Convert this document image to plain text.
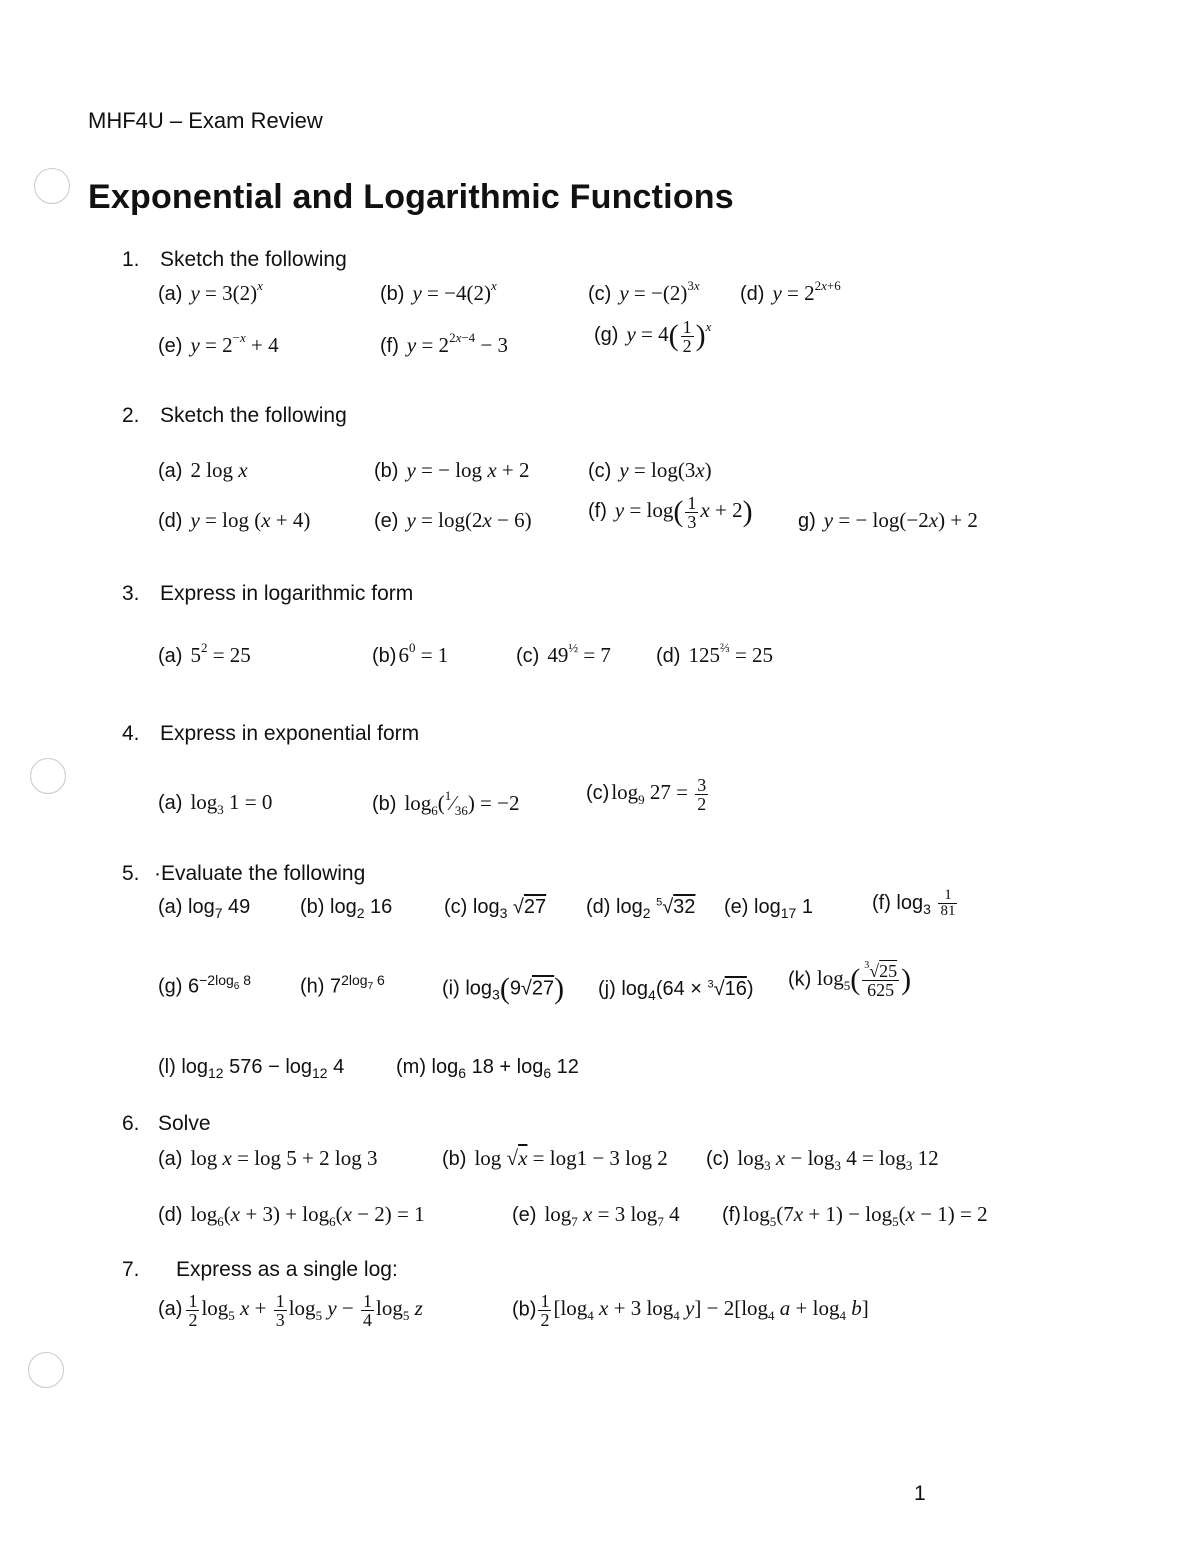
MHF4U – Exam Review
Exponential and Logarithmic Functions
1. Sketch the following
(a) $y = 3(2)^x$	(b) $y = -4(2)^x$	(c) $y = -(2)^{3x}$ (d) $y = 2^{2x+6}$
(e) $y = 2^{-x} + 4$	(f) $y = 2^{2x-4} - 3$	(g) $y = 4( \frac{1}{2} )^x$
2. Sketch the following
(a) 2 log x	(b) y = − log x + 2	(c) y = log(3x)
(d) y = log (x + 4)	(e) y = log(2x − 6)	(f) $y = \log( \frac{1}{3}$ x + 2) g) y = − log(−2x) + 2
3. Express in logarithmic form
(a) $5^2 = 25$	$(b)6^0 = 1$	(c) $49^{\frac{1}{2}} = 7$ (d) $125^{\frac{2}{3}} = 25$
4. Express in exponential form
(a) $\log_3 1 = 0$	(b) $\log_6(^1⁄_{36}) = -2$	$(c)\log_9$ $27 = \frac{3}{2}$
5. ·Evaluate the following
(a) $\log_7 49$ (b) $\log_2 16$	(c) $\log_3 √27$ (d) $\log_2 ^5√32$ (e) $\log_{17} 1$	(f) $\log_3 \frac{1}{81}$
(g) $6^{-2log_6 8}$ (h) $7^{2log_7 6}$	(i) $\log_3(9√27)$ (j) $\log_4(64 \times ^3√16)$ (k) $\log_5( \frac{^3√25}{625}$ )
(l) $\log_{12} 576 - \log_{12} 4$	(m) $\log_6 18 + \log_6 12$
6. Solve
(a) log x = log 5 + 2 log 3	(b) log √x = log1 − 3 log 2 (c) $\log_3 x - \log_3 4 = \log_3 12$
(d) $\log_6(x + 3) + \log_6(x - 2) = 1$	(e) $\log_7 x = 3$ $\log_7 4$ $(f)\log_5(7x + 1) - \log_5(x - 1) = 2$
7. Express as a single log:
$(a) \frac{1}{2} \log_5 x + \frac{1}{3} \log_5 y - \frac{1}{4} \log_5 z$	$(b) \frac{1}{2} [\log_4$ x + 3 $\log_4 y] - 2[\log_4$ $a + \log_4 b$]
1
